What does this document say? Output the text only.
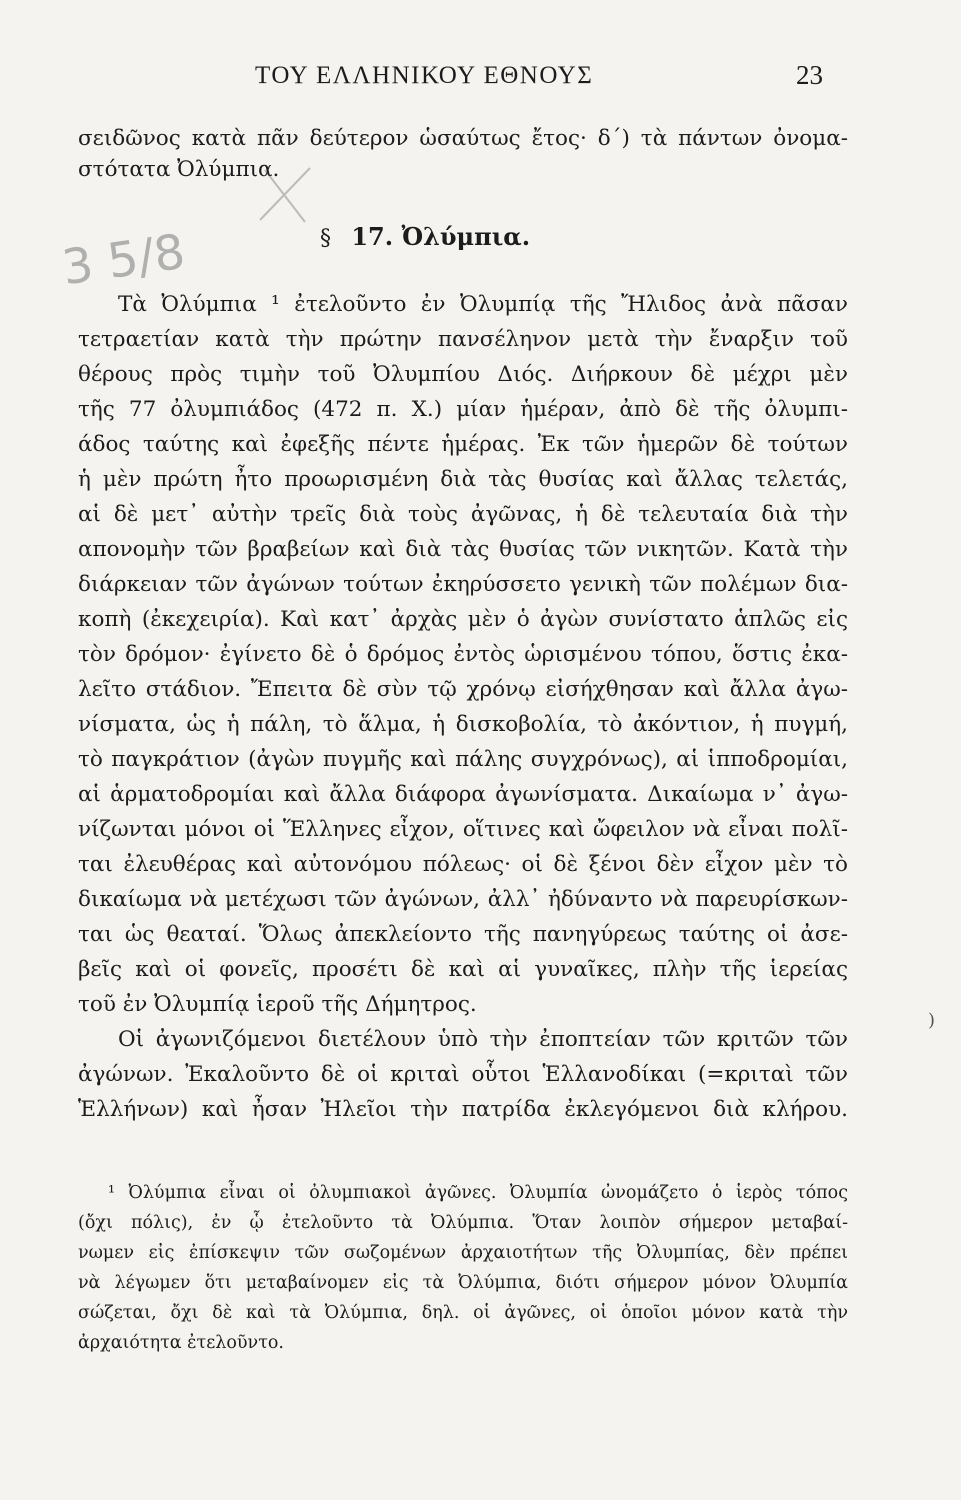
ΤΟΥ ΕΛΛΗΝΙΚΟΥ ΕΘΝΟΥΣ	23
σειδῶνος κατὰ πᾶν δεύτερον ὡσαύτως ἔτος· δ´) τὰ πάντων ὀνομα-
στότατα Ὀλύμπια.
3 5/8	§ 17. Ὀλύμπια.
Τὰ Ὀλύμπια ¹ ἐτελοῦντο ἐν Ὀλυμπίᾳ τῆς Ἤλιδος ἀνὰ πᾶσαν
τετραετίαν κατὰ τὴν πρώτην πανσέληνον μετὰ τὴν ἔναρξιν τοῦ
θέρους πρὸς τιμὴν τοῦ Ὀλυμπίου Διός. Διήρκουν δὲ μέχρι μὲν
τῆς 77 ὀλυμπιάδος (472 π. Χ.) μίαν ἡμέραν, ἀπὸ δὲ τῆς ὀλυμπι-
άδος ταύτης καὶ ἐφεξῆς πέντε ἡμέρας. Ἐκ τῶν ἡμερῶν δὲ τούτων
ἡ μὲν πρώτη ἦτο προωρισμένη διὰ τὰς θυσίας καὶ ἄλλας τελετάς,
αἱ δὲ μετ᾽ αὐτὴν τρεῖς διὰ τοὺς ἀγῶνας, ἡ δὲ τελευταία διὰ τὴν
απονομὴν τῶν βραβείων καὶ διὰ τὰς θυσίας τῶν νικητῶν. Κατὰ τὴν
διάρκειαν τῶν ἀγώνων τούτων ἐκηρύσσετο γενικὴ τῶν πολέμων δια-
κοπὴ (ἐκεχειρία). Καὶ κατ᾽ ἀρχὰς μὲν ὁ ἀγὼν συνίστατο ἁπλῶς εἰς
τὸν δρόμον· ἐγίνετο δὲ ὁ δρόμος ἐντὸς ὡρισμένου τόπου, ὅστις ἐκα-
λεῖτο στάδιον. Ἔπειτα δὲ σὺν τῷ χρόνῳ εἰσήχθησαν καὶ ἄλλα ἀγω-
νίσματα, ὡς ἡ πάλη, τὸ ἅλμα, ἡ δισκοβολία, τὸ ἀκόντιον, ἡ πυγμή,
τὸ παγκράτιον (ἀγὼν πυγμῆς καὶ πάλης συγχρόνως), αἱ ἱπποδρομίαι,
αἱ ἁρματοδρομίαι καὶ ἄλλα διάφορα ἀγωνίσματα. Δικαίωμα ν᾽ ἀγω-
νίζωνται μόνοι οἱ Ἕλληνες εἶχον, οἵτινες καὶ ὤφειλον νὰ εἶναι πολῖ-
ται ἐλευθέρας καὶ αὐτονόμου πόλεως· οἱ δὲ ξένοι δὲν εἶχον μὲν τὸ
δικαίωμα νὰ μετέχωσι τῶν ἀγώνων, ἀλλ᾽ ἠδύναντο νὰ παρευρίσκων-
ται ὡς θεαταί. Ὅλως ἀπεκλείοντο τῆς πανηγύρεως ταύτης οἱ ἀσε-
βεῖς καὶ οἱ φονεῖς, προσέτι δὲ καὶ αἱ γυναῖκες, πλὴν τῆς ἱερείας
τοῦ ἐν Ὀλυμπίᾳ ἱεροῦ τῆς Δήμητρος.
Οἱ ἀγωνιζόμενοι διετέλουν ὑπὸ τὴν ἐποπτείαν τῶν κριτῶν τῶν
ἀγώνων. Ἐκαλοῦντο δὲ οἱ κριταὶ οὗτοι Ἑλλανοδίκαι (=κριταὶ τῶν
Ἑλλήνων) καὶ ἦσαν Ἠλεῖοι τὴν πατρίδα ἐκλεγόμενοι διὰ κλήρου.
)
¹ Ὀλύμπια εἶναι οἱ ὀλυμπιακοὶ ἀγῶνες. Ὀλυμπία ὠνομάζετο ὁ ἱερὸς τόπος
(ὄχι πόλις), ἐν ᾧ ἐτελοῦντο τὰ Ὀλύμπια. Ὅταν λοιπὸν σήμερον μεταβαί-
νωμεν εἰς ἐπίσκεψιν τῶν σωζομένων ἀρχαιοτήτων τῆς Ὀλυμπίας, δὲν πρέπει
νὰ λέγωμεν ὅτι μεταβαίνομεν εἰς τὰ Ὀλύμπια, διότι σήμερον μόνον Ὀλυμπία
σώζεται, ὄχι δὲ καὶ τὰ Ὀλύμπια, δηλ. οἱ ἀγῶνες, οἱ ὁποῖοι μόνον κατὰ τὴν
ἀρχαιότητα ἐτελοῦντο.
